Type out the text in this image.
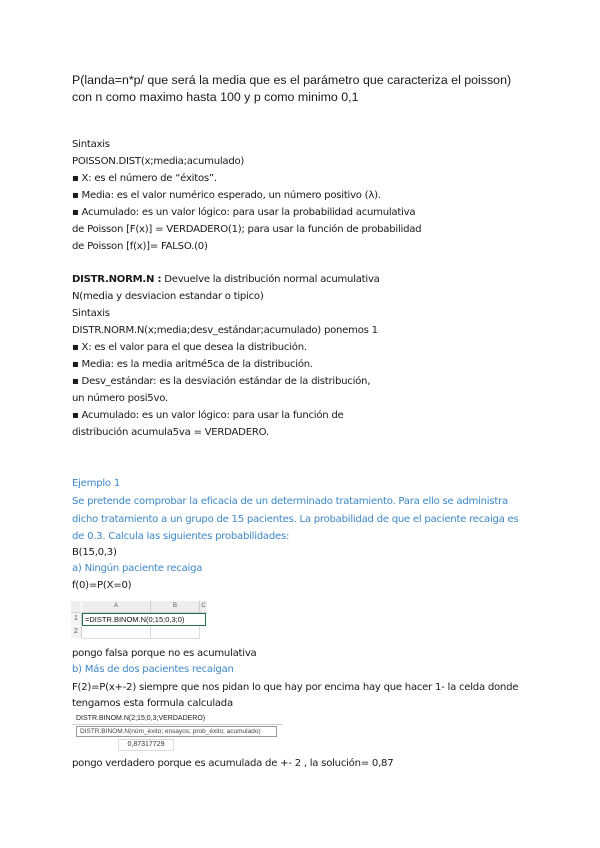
P(landa=n*p/ que será la media que es el parámetro que caracteriza el poisson)
con n como maximo hasta 100 y p como minimo 0,1
Sintaxis
POISSON.DIST(x;media;acumulado)
▪ X: es el número de “éxitos”.
▪ Media: es el valor numérico esperado, un número positivo (λ).
▪ Acumulado: es un valor lógico: para usar la probabilidad acumulativa
de Poisson [F(x)] = VERDADERO(1); para usar la función de probabilidad
de Poisson [f(x)]= FALSO.(0)
DISTR.NORM.N : Devuelve la distribución normal acumulativa
N(media y desviacion estandar o tipico)
Sintaxis
DISTR.NORM.N(x;media;desv_estándar;acumulado) ponemos 1
▪ X: es el valor para el que desea la distribución.
▪ Media: es la media aritmé5ca de la distribución.
▪ Desv_estándar: es la desviación estándar de la distribución,
un número posi5vo.
▪ Acumulado: es un valor lógico: para usar la función de
distribución acumula5va = VERDADERO.
Ejemplo 1
Se pretende comprobar la eficacia de un determinado tratamiento. Para ello se administra
dicho tratamiento a un grupo de 15 pacientes. La probabilidad de que el paciente recaiga es
de 0.3. Calcula las siguientes probabilidades:
B(15,0,3)
a) Ningún paciente recaiga
f(0)=P(X=0)
A	B	C
1
2
=DISTR.BINOM.N(0;15;0,3;0)
pongo falsa porque no es acumulativa
b) Más de dos pacientes recaigan
F(2)=P(x+-2) siempre que nos pidan lo que hay por encima hay que hacer 1- la celda donde
tengamos esta formula calculada
DISTR.BINOM.N(2;15;0,3;VERDADERO)
DISTR.BINOM.N(núm_éxito; ensayos; prob_éxito; acumulado)
0,87317729
pongo verdadero porque es acumulada de +- 2 , la solución= 0,87
